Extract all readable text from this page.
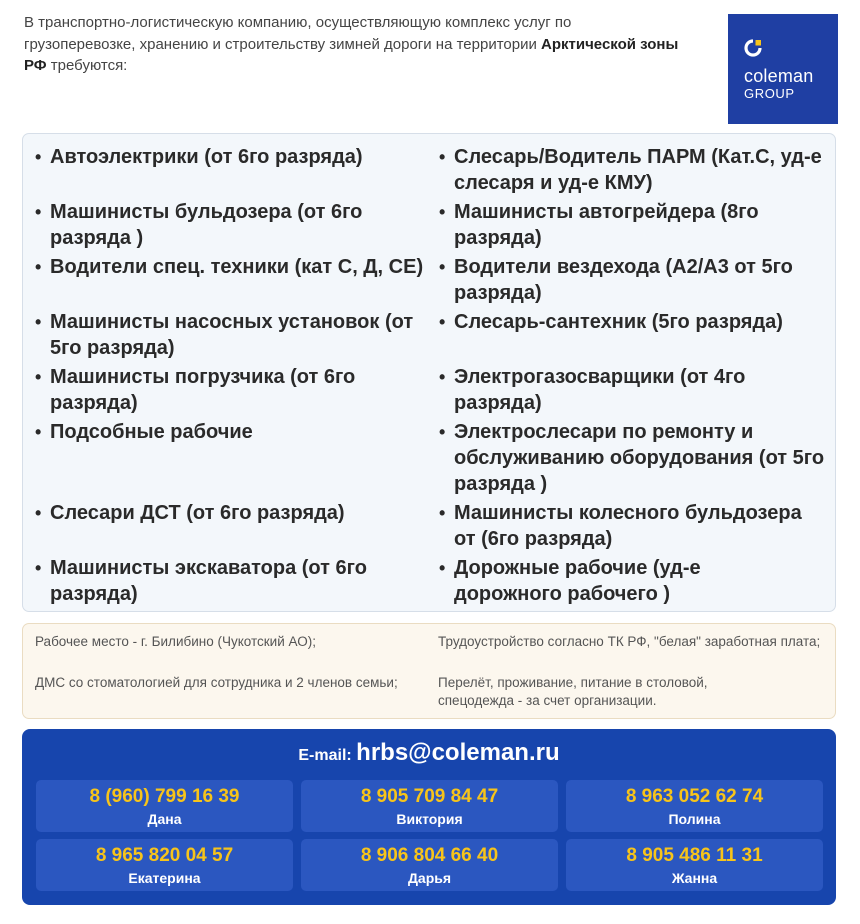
В транспортно-логистическую компанию, осуществляющую комплекс услуг по грузоперевозке, хранению и строительству зимней дороги на территории Арктической зоны РФ требуются:
coleman
GROUP
• Автоэлектрики (от 6го разряда)
• Машинисты бульдозера (от 6го разряда )
• Водители спец. техники (кат С, Д, СЕ)
• Машинисты насосных установок (от 5го разряда)
• Машинисты погрузчика (от 6го разряда)
• Подсобные рабочие
• Слесари ДСТ (от 6го разряда)
• Машинисты экскаватора (от 6го разряда)
• Слесарь/Водитель ПАРМ (Кат.С, уд-е слесаря и уд-е КМУ)
• Машинисты автогрейдера (8го разряда)
• Водители вездехода (А2/А3 от 5го разряда)
• Слесарь-сантехник (5го разряда)
• Электрогазосварщики (от 4го разряда)
• Электрослесари по ремонту и обслуживанию оборудования (от 5го разряда )
• Машинисты колесного бульдозера от (6го разряда)
• Дорожные рабочие (уд-е дорожного рабочего )
Рабочее место - г. Билибино (Чукотский АО);
ДМС со стоматологией для сотрудника и 2 членов семьи;
Трудоустройство согласно ТК РФ, "белая" заработная плата;
Перелёт, проживание, питание в столовой, спецодежда - за счет организации.
E-mail: hrbs@coleman.ru
8 (960) 799 16 39
Дана
8 905 709 84 47
Виктория
8 963 052 62 74
Полина
8 965 820 04 57
Екатерина
8 906 804 66 40
Дарья
8 905 486 11 31
Жанна
